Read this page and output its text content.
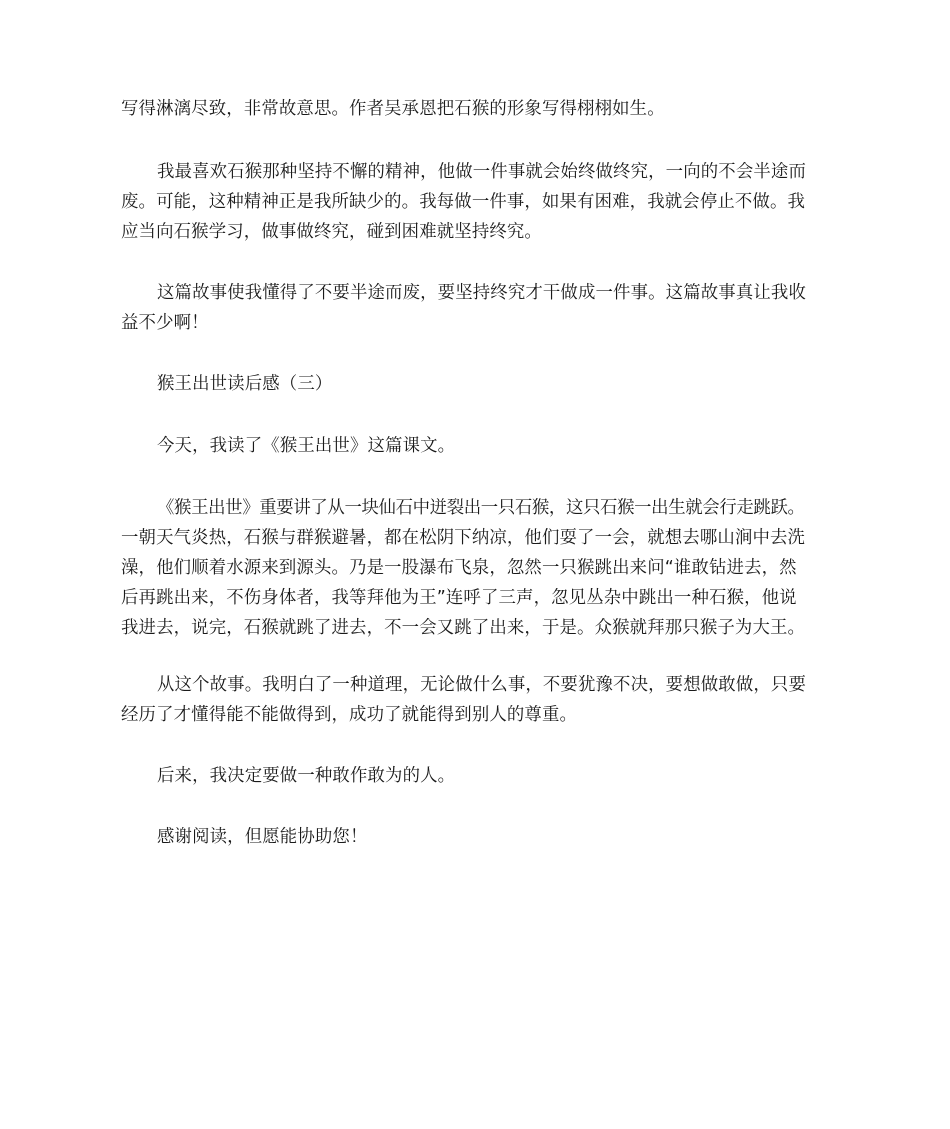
写得淋漓尽致，非常故意思。作者吴承恩把石猴的形象写得栩栩如生。
我最喜欢石猴那种坚持不懈的精神，他做一件事就会始终做终究，一向的不会半途而
废。可能，这种精神正是我所缺少的。我每做一件事，如果有困难，我就会停止不做。我
应当向石猴学习，做事做终究，碰到困难就坚持终究。
这篇故事使我懂得了不要半途而废，要坚持终究才干做成一件事。这篇故事真让我收
益不少啊！
猴王出世读后感（三）
今天，我读了《猴王出世》这篇课文。
《猴王出世》重要讲了从一块仙石中迸裂出一只石猴，这只石猴一出生就会行走跳跃。
一朝天气炎热，石猴与群猴避暑，都在松阴下纳凉，他们耍了一会，就想去哪山涧中去洗
澡，他们顺着水源来到源头。乃是一股瀑布飞泉，忽然一只猴跳出来问“谁敢钻进去，然
后再跳出来，不伤身体者，我等拜他为王”连呼了三声，忽见丛杂中跳出一种石猴，他说
我进去，说完，石猴就跳了进去，不一会又跳了出来，于是。众猴就拜那只猴子为大王。
从这个故事。我明白了一种道理，无论做什么事，不要犹豫不决，要想做敢做，只要
经历了才懂得能不能做得到，成功了就能得到别人的尊重。
后来，我决定要做一种敢作敢为的人。
感谢阅读，但愿能协助您！
